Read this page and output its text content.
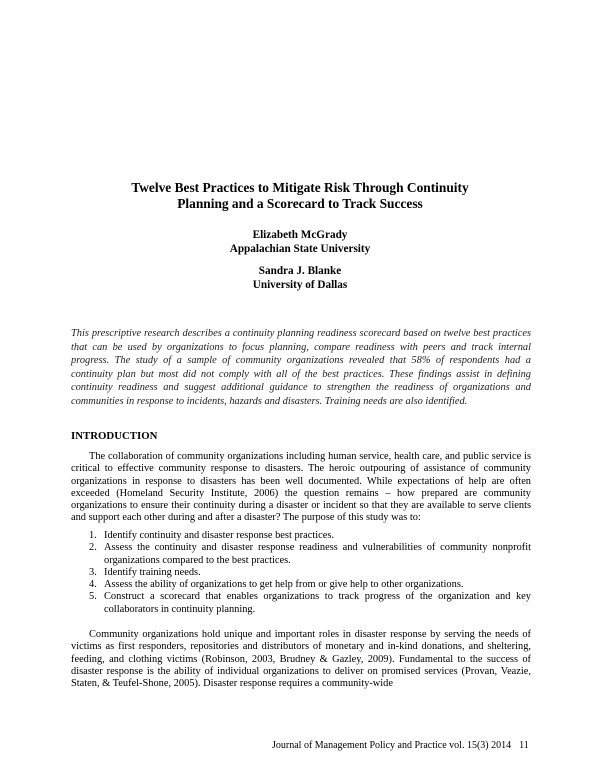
Twelve Best Practices to Mitigate Risk Through Continuity
Planning and a Scorecard to Track Success
Elizabeth McGrady
Appalachian State University
Sandra J. Blanke
University of Dallas
This prescriptive research describes a continuity planning readiness scorecard based on twelve best practices that can be used by organizations to focus planning, compare readiness with peers and track internal progress. The study of a sample of community organizations revealed that 58% of respondents had a continuity plan but most did not comply with all of the best practices. These findings assist in defining continuity readiness and suggest additional guidance to strengthen the readiness of organizations and communities in response to incidents, hazards and disasters. Training needs are also identified.
INTRODUCTION
The collaboration of community organizations including human service, health care, and public service is critical to effective community response to disasters. The heroic outpouring of assistance of community organizations in response to disasters has been well documented. While expectations of help are often exceeded (Homeland Security Institute, 2006) the question remains – how prepared are community organizations to ensure their continuity during a disaster or incident so that they are available to serve clients and support each other during and after a disaster? The purpose of this study was to:
1. Identify continuity and disaster response best practices.
2. Assess the continuity and disaster response readiness and vulnerabilities of community nonprofit organizations compared to the best practices.
3. Identify training needs.
4. Assess the ability of organizations to get help from or give help to other organizations.
5. Construct a scorecard that enables organizations to track progress of the organization and key collaborators in continuity planning.
Community organizations hold unique and important roles in disaster response by serving the needs of victims as first responders, repositories and distributors of monetary and in-kind donations, and sheltering, feeding, and clothing victims (Robinson, 2003, Brudney & Gazley, 2009). Fundamental to the success of disaster response is the ability of individual organizations to deliver on promised services (Provan, Veazie, Staten, & Teufel-Shone, 2005). Disaster response requires a community-wide
Journal of Management Policy and Practice vol. 15(3) 2014 11
